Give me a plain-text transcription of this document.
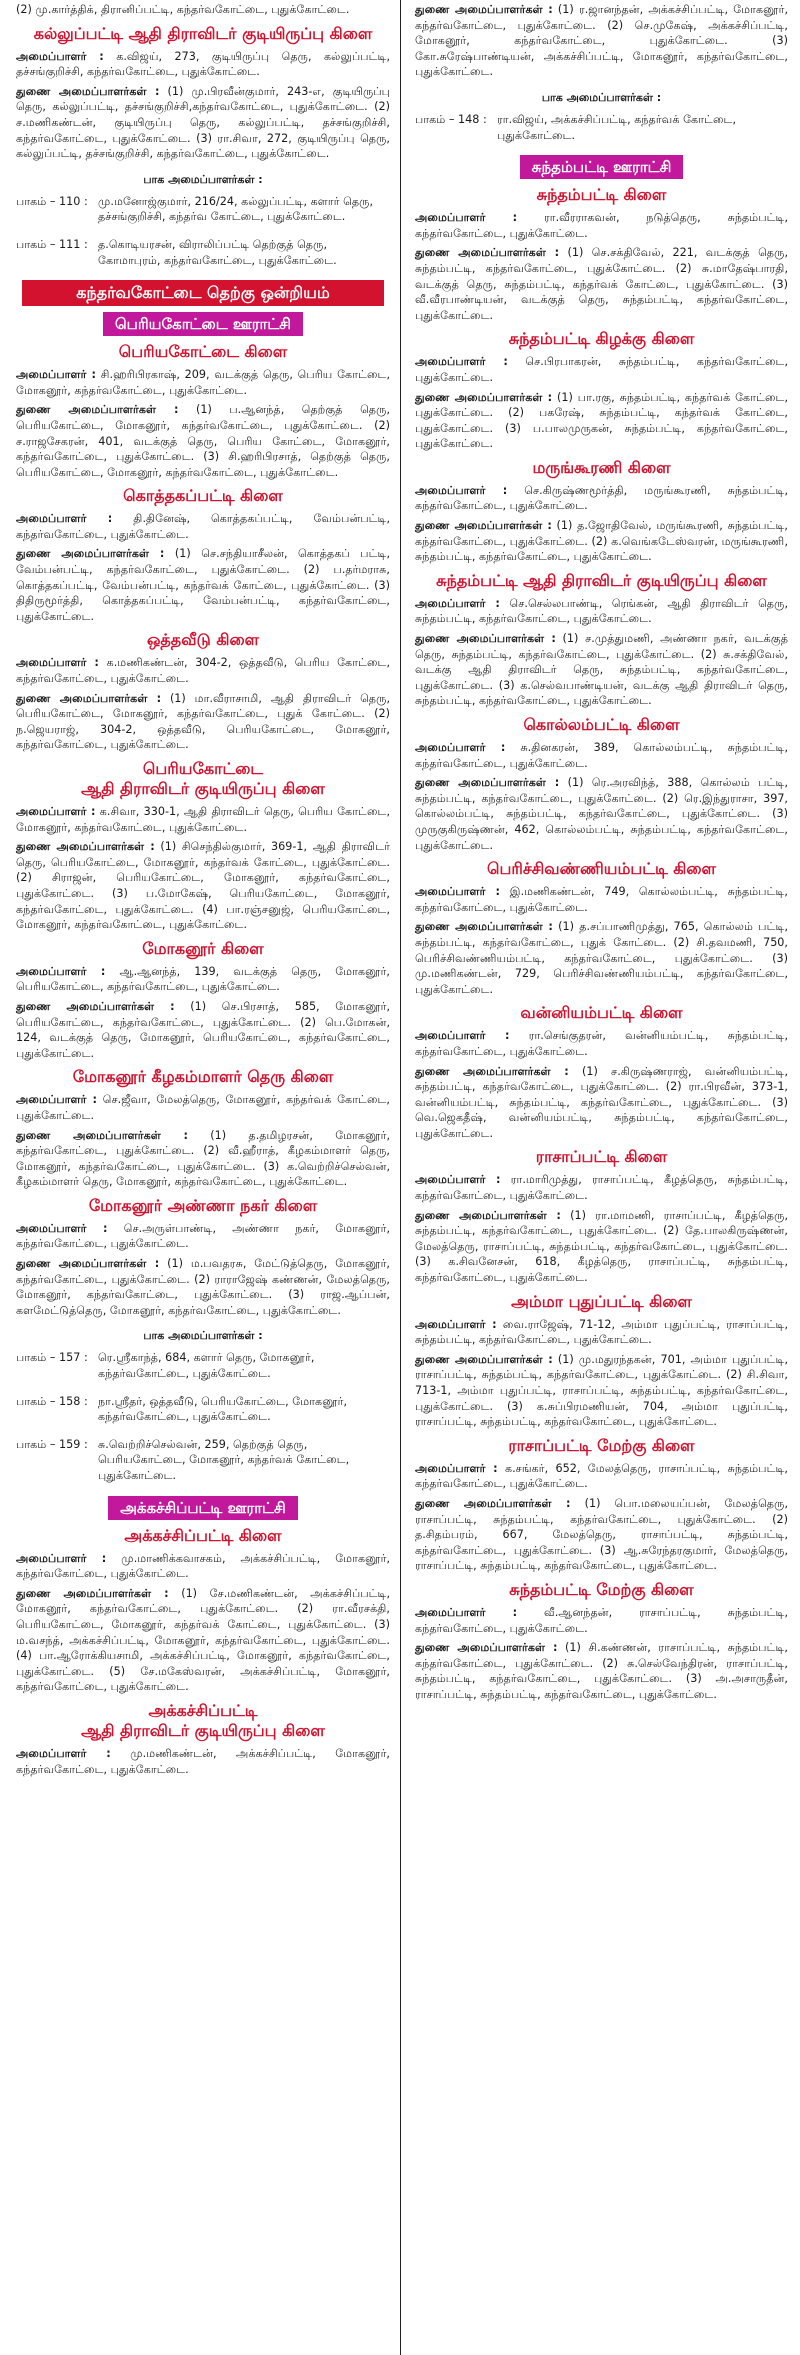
(2) மு.கார்த்திக், திரானிப்பட்டி, கந்தர்வகோட்டை, புதுக்கோட்டை.

கல்லுப்பட்டி ஆதி திராவிடர் குடியிருப்பு கிளை

அமைப்பாளர் : க.விஜய், 273, குடியிருப்பு தெரு, கல்லுப்பட்டி, தச்சங்குறிச்சி, கந்தர்வகோட்டை, புதுக்கோட்டை.

துணை அமைப்பாளர்கள் : (1) மு.பிரவீன்குமார், 243-எ, குடியிருப்பு தெரு, கல்லுப்பட்டி, தச்சங்குறிச்சி,கந்தர்வகோட்டை, புதுக்கோட்டை. (2) ச.மணிகண்டன், குடியிருப்பு தெரு, கல்லுப்பட்டி, தச்சங்குறிச்சி, கந்தர்வகோட்டை, புதுக்கோட்டை. (3) ரா.சிவா, 272, குடியிருப்பு தெரு, கல்லுப்பட்டி, தச்சங்குறிச்சி, கந்தர்வகோட்டை, புதுக்கோட்டை.

பாக அமைப்பாளர்கள் :
பாகம் – 110 : மு.மனோஜ்குமார், 216/24, கல்லுப்பட்டி, களார் தெரு, தச்சங்குறிச்சி, கந்தர்வ கோட்டை, புதுக்கோட்டை.
பாகம் – 111 : த.கொடியரசன், விராலிப்பட்டி தெற்குத் தெரு, கோமாபுரம், கந்தர்வகோட்டை, புதுக்கோட்டை.
கந்தர்வகோட்டை தெற்கு ஒன்றியம்
பெரியகோட்டை ஊராட்சி
பெரியகோட்டை கிளை

அமைப்பாளர் : சி.ஹரிபிரகாஷ், 209, வடக்குத் தெரு, பெரிய கோட்டை, மோகனூர், கந்தர்வகோட்டை, புதுக்கோட்டை.

துணை அமைப்பாளர்கள் : (1) ப.ஆனந்த், தெற்குத் தெரு, பெரியகோட்டை, மோகனூர், கந்தர்வகோட்டை, புதுக்கோட்டை. (2) ச.ராஜசேகரன், 401, வடக்குத் தெரு, பெரிய கோட்டை, மோகனூர், கந்தர்வகோட்டை, புதுக்கோட்டை. (3) சி.ஹரிபிரசாத், தெற்குத் தெரு, பெரியகோட்டை, மோகனூர், கந்தர்வகோட்டை, புதுக்கோட்டை.

கொத்தகப்பட்டி கிளை

அமைப்பாளர் : தி.தினேஷ், கொத்தகப்பட்டி, வேம்பன்பட்டி, கந்தர்வகோட்டை, புதுக்கோட்டை.

துணை அமைப்பாளர்கள் : (1) செ.சந்தியாசீலன், கொத்தகப் பட்டி, வேம்பன்பட்டி, கந்தர்வகோட்டை, புதுக்கோட்டை. (2) ப.தர்மராசு, கொத்தகப்பட்டி, வேம்பன்பட்டி, கந்தர்வக் கோட்டை, புதுக்கோட்டை. (3) திதிருமூர்த்தி, கொத்தகப்பட்டி, வேம்பன்பட்டி, கந்தர்வகோட்டை, புதுக்கோட்டை.

ஒத்தவீடு கிளை

அமைப்பாளர் : க.மணிகண்டன், 304-2, ஒத்தவீடு, பெரிய கோட்டை, கந்தர்வகோட்டை, புதுக்கோட்டை.

துணை அமைப்பாளர்கள் : (1) மா.வீராசாமி, ஆதி திராவிடர் தெரு, பெரியகோட்டை, மோகனூர், கந்தர்வகோட்டை, புதுக் கோட்டை. (2) ந.ஜெயராஜ், 304-2, ஒத்தவீடு, பெரியகோட்டை, மோகனூர், கந்தர்வகோட்டை, புதுக்கோட்டை.

பெரியகோட்டை
ஆதி திராவிடர் குடியிருப்பு கிளை

அமைப்பாளர் : க.சிவா, 330-1, ஆதி திராவிடர் தெரு, பெரிய கோட்டை, மோகனூர், கந்தர்வகோட்டை, புதுக்கோட்டை.

துணை அமைப்பாளர்கள் : (1) சிசெந்தில்குமார், 369-1, ஆதி திராவிடர் தெரு, பெரியகோட்டை, மோகனூர், கந்தர்வக் கோட்டை, புதுக்கோட்டை. (2) சிராஜன், பெரியகோட்டை, மோகனூர், கந்தர்வகோட்டை, புதுக்கோட்டை. (3) ப.மோகேஷ், பெரியகோட்டை, மோகனூர், கந்தர்வகோட்டை, புதுக்கோட்டை. (4) பா.ரஞ்சனுஜ், பெரியகோட்டை, மோகனூர், கந்தர்வகோட்டை, புதுக்கோட்டை.

மோகனூர் கிளை

அமைப்பாளர் : ஆ.ஆனந்த், 139, வடக்குத் தெரு, மோகனூர், பெரியகோட்டை, கந்தர்வகோட்டை, புதுக்கோட்டை.

துணை அமைப்பாளர்கள் : (1) செ.பிரசாத், 585, மோகனூர், பெரியகோட்டை, கந்தர்வகோட்டை, புதுக்கோட்டை. (2) பெ.மோகன், 124, வடக்குத் தெரு, மோகனூர், பெரியகோட்டை, கந்தர்வகோட்டை, புதுக்கோட்டை.

மோகனூர் கீழகம்மாளர் தெரு கிளை

அமைப்பாளர் : செ.ஜீவா, மேலத்தெரு, மோகனூர், கந்தர்வக் கோட்டை, புதுக்கோட்டை.

துணை அமைப்பாளர்கள் : (1) த.தமிழரசன், மோகனூர், கந்தர்வகோட்டை, புதுக்கோட்டை. (2) வீ.ஹீராத், கீழகம்மாளர் தெரு, மோகனூர், கந்தர்வகோட்டை, புதுக்கோட்டை. (3) க.வெற்றிச்செல்வன், கீழகம்மாளர் தெரு, மோகனூர், கந்தர்வகோட்டை, புதுக்கோட்டை.

மோகனூர் அண்ணா நகர் கிளை

அமைப்பாளர் : செ.அருள்பாண்டி, அண்ணா நகர், மோகனூர், கந்தர்வகோட்டை, புதுக்கோட்டை.

துணை அமைப்பாளர்கள் : (1) ம.பவதரசு, மேட்டுத்தெரு, மோகனூர், கந்தர்வகோட்டை, புதுக்கோட்டை. (2) ராராஜேஷ் கண்ணன், மேலத்தெரு, மோகனூர், கந்தர்வகோட்டை, புதுக்கோட்டை. (3) ராஜ.ஆப்பன், களமேட்டுத்தெரு, மோகனூர், கந்தர்வகோட்டை, புதுக்கோட்டை.

பாக அமைப்பாளர்கள் :
பாகம் – 157 : ரெ.ஸ்ரீகாந்த், 684, களார் தெரு, மோகனூர், கந்தர்வகோட்டை, புதுக்கோட்டை.
பாகம் – 158 : நா.ஸ்ரீதர், ஒத்தவீடு, பெரியகோட்டை, மோகனூர், கந்தர்வகோட்டை, புதுக்கோட்டை.
பாகம் – 159 : சு.வெற்றிச்செல்வன், 259, தெற்குத் தெரு, பெரியகோட்டை, மோகனூர், கந்தர்வக் கோட்டை, புதுக்கோட்டை.
அக்கச்சிப்பட்டி ஊராட்சி
அக்கச்சிப்பட்டி கிளை

அமைப்பாளர் : மு.மாணிக்கவாசகம், அக்கச்சிப்பட்டி, மோகனூர், கந்தர்வகோட்டை, புதுக்கோட்டை.

துணை அமைப்பாளர்கள் : (1) சே.மணிகண்டன், அக்கச்சிப்பட்டி, மோகனூர், கந்தர்வகோட்டை, புதுக்கோட்டை. (2) ரா.வீரசக்தி, பெரியகோட்டை, மோகனூர், கந்தர்வக் கோட்டை, புதுக்கோட்டை. (3) ம.வசந்த், அக்கச்சிப்பட்டி, மோகனூர், கந்தர்வகோட்டை, புதுக்கோட்டை. (4) பா.ஆரோக்கியசாமி, அக்கச்சிப்பட்டி, மோகனூர், கந்தர்வகோட்டை, புதுக்கோட்டை. (5) சே.மகேஸ்வரன், அக்கச்சிப்பட்டி, மோகனூர், கந்தர்வகோட்டை, புதுக்கோட்டை.

அக்கச்சிப்பட்டி
ஆதி திராவிடர் குடியிருப்பு கிளை

அமைப்பாளர் : மு.மணிகண்டன், அக்கச்சிப்பட்டி, மோகனூர், கந்தர்வகோட்டை, புதுக்கோட்டை.

துணை அமைப்பாளர்கள் : (1) ர.ஜானந்தன், அக்கச்சிப்பட்டி, மோகனூர், கந்தர்வகோட்டை, புதுக்கோட்டை. (2) செ.முகேஷ், அக்கச்சிப்பட்டி, மோகனூர், கந்தர்வகோட்டை, புதுக்கோட்டை. (3) கோ.சுரேஷ்பாண்டியன், அக்கச்சிப்பட்டி, மோகனூர், கந்தர்வகோட்டை, புதுக்கோட்டை.

பாக அமைப்பாளர்கள் :
பாகம் – 148 : ரா.விஜய், அக்கச்சிப்பட்டி, கந்தர்வக் கோட்டை, புதுக்கோட்டை.
சுந்தம்பட்டி ஊராட்சி
சுந்தம்பட்டி கிளை

அமைப்பாளர் : ரா.வீரராகவன், நடுத்தெரு, சுந்தம்பட்டி, கந்தர்வகோட்டை, புதுக்கோட்டை.

துணை அமைப்பாளர்கள் : (1) செ.சக்திவேல், 221, வடக்குத் தெரு, சுந்தம்பட்டி, கந்தர்வகோட்டை, புதுக்கோட்டை. (2) சு.மாதேஷ்பாரதி, வடக்குத் தெரு, சுந்தம்பட்டி, கந்தர்வக் கோட்டை, புதுக்கோட்டை. (3) வீ.வீரபாண்டியன், வடக்குத் தெரு, சுந்தம்பட்டி, கந்தர்வகோட்டை, புதுக்கோட்டை.

சுந்தம்பட்டி கிழக்கு கிளை

அமைப்பாளர் : செ.பிரபாகரன், சுந்தம்பட்டி, கந்தர்வகோட்டை, புதுக்கோட்டை.

துணை அமைப்பாளர்கள் : (1) பா.ரகு, சுந்தம்பட்டி, கந்தர்வக் கோட்டை, புதுக்கோட்டை. (2) பகரேஷ், சுந்தம்பட்டி, கந்தர்வக் கோட்டை, புதுக்கோட்டை. (3) ப.பாலமுருகன், சுந்தம்பட்டி, கந்தர்வகோட்டை, புதுக்கோட்டை.

மருங்கூரணி கிளை

அமைப்பாளர் : செ.கிருஷ்ணமூர்த்தி, மருங்கூரணி, சுந்தம்பட்டி, கந்தர்வகோட்டை, புதுக்கோட்டை.

துணை அமைப்பாளர்கள் : (1) த.ஜோதிவேல், மருங்கூரணி, சுந்தம்பட்டி, கந்தர்வகோட்டை, புதுக்கோட்டை. (2) க.வெங்கடேஸ்வரன், மருங்கூரணி, சுந்தம்பட்டி, கந்தர்வகோட்டை, புதுக்கோட்டை.

சுந்தம்பட்டி ஆதி திராவிடர் குடியிருப்பு கிளை

அமைப்பாளர் : செ.செல்லபாண்டி, ரெங்கன், ஆதி திராவிடர் தெரு, சுந்தம்பட்டி, கந்தர்வகோட்டை, புதுக்கோட்டை.

துணை அமைப்பாளர்கள் : (1) ச.முத்துமணி, அண்ணா நகர், வடக்குத் தெரு, சுந்தம்பட்டி, கந்தர்வகோட்டை, புதுக்கோட்டை. (2) சு.சக்திவேல், வடக்கு ஆதி திராவிடர் தெரு, சுந்தம்பட்டி, கந்தர்வகோட்டை, புதுக்கோட்டை. (3) க.செல்வபாண்டியன், வடக்கு ஆதி திராவிடர் தெரு, சுந்தம்பட்டி, கந்தர்வகோட்டை, புதுக்கோட்டை.

கொல்லம்பட்டி கிளை

அமைப்பாளர் : சு.தினகரன், 389, கொல்லம்பட்டி, சுந்தம்பட்டி, கந்தர்வகோட்டை, புதுக்கோட்டை.

துணை அமைப்பாளர்கள் : (1) ரெ.அரவிந்த், 388, கொல்லம் பட்டி, சுந்தம்பட்டி, கந்தர்வகோட்டை, புதுக்கோட்டை. (2) ரெ.இந்துராசா, 397, கொல்லம்பட்டி, சுந்தம்பட்டி, கந்தர்வகோட்டை, புதுக்கோட்டை. (3) முருகுகிருஷ்ணன், 462, கொல்லம்பட்டி, சுந்தம்பட்டி, கந்தர்வகோட்டை, புதுக்கோட்டை.

பெரிச்சிவண்ணியம்பட்டி கிளை

அமைப்பாளர் : இ.மணிகண்டன், 749, கொல்லம்பட்டி, சுந்தம்பட்டி, கந்தர்வகோட்டை, புதுக்கோட்டை.

துணை அமைப்பாளர்கள் : (1) த.சப்பாணிமுத்து, 765, கொல்லம் பட்டி, சுந்தம்பட்டி, கந்தர்வகோட்டை, புதுக் கோட்டை. (2) சி.தவமணி, 750, பெரிச்சிவண்ணியம்பட்டி, கந்தர்வகோட்டை, புதுக்கோட்டை. (3) மு.மணிகண்டன், 729, பெரிச்சிவண்ணியம்பட்டி, கந்தர்வகோட்டை, புதுக்கோட்டை.

வன்னியம்பட்டி கிளை

அமைப்பாளர் : ரா.செங்குதரன், வன்னியம்பட்டி, சுந்தம்பட்டி, கந்தர்வகோட்டை, புதுக்கோட்டை.

துணை அமைப்பாளர்கள் : (1) ச.கிருஷ்ணராஜ், வன்னியம்பட்டி, சுந்தம்பட்டி, கந்தர்வகோட்டை, புதுக்கோட்டை. (2) ரா.பிரவீன், 373-1, வன்னியம்பட்டி, சுந்தம்பட்டி, கந்தர்வகோட்டை, புதுக்கோட்டை. (3) வெ.ஜெகதீஷ், வன்னியம்பட்டி, சுந்தம்பட்டி, கந்தர்வகோட்டை, புதுக்கோட்டை.

ராசாப்பட்டி கிளை

அமைப்பாளர் : ரா.மாரிமுத்து, ராசாப்பட்டி, கீழத்தெரு, சுந்தம்பட்டி, கந்தர்வகோட்டை, புதுக்கோட்டை.

துணை அமைப்பாளர்கள் : (1) ரா.மாமணி, ராசாப்பட்டி, கீழத்தெரு, சுந்தம்பட்டி, கந்தர்வகோட்டை, புதுக்கோட்டை. (2) தே.பாலகிருஷ்ணன், மேலத்தெரு, ராசாப்பட்டி, சுந்தம்பட்டி, கந்தர்வகோட்டை, புதுக்கோட்டை. (3) க.சிவனேசன், 618, கீழத்தெரு, ராசாப்பட்டி, சுந்தம்பட்டி, கந்தர்வகோட்டை, புதுக்கோட்டை.

அம்மா புதுப்பட்டி கிளை

அமைப்பாளர் : வை.ராஜேஷ், 71-12, அம்மா புதுப்பட்டி, ராசாப்பட்டி, சுந்தம்பட்டி, கந்தர்வகோட்டை, புதுக்கோட்டை.

துணை அமைப்பாளர்கள் : (1) மு.மதுரந்தகன், 701, அம்மா புதுப்பட்டி, ராசாப்பட்டி, சுந்தம்பட்டி, கந்தர்வகோட்டை, புதுக்கோட்டை. (2) சி.சிவா, 713-1, அம்மா புதுப்பட்டி, ராசாப்பட்டி, சுந்தம்பட்டி, கந்தர்வகோட்டை, புதுக்கோட்டை. (3) க.சுப்பிரமணியன், 704, அம்மா புதுப்பட்டி, ராசாப்பட்டி, சுந்தம்பட்டி, கந்தர்வகோட்டை, புதுக்கோட்டை.

ராசாப்பட்டி மேற்கு கிளை

அமைப்பாளர் : க.சங்கர், 652, மேலத்தெரு, ராசாப்பட்டி, சுந்தம்பட்டி, கந்தர்வகோட்டை, புதுக்கோட்டை.

துணை அமைப்பாளர்கள் : (1) பொ.மலையப்பன், மேலத்தெரு, ராசாப்பட்டி, சுந்தம்பட்டி, கந்தர்வகோட்டை, புதுக்கோட்டை. (2) த.சிதம்பரம், 667, மேலத்தெரு, ராசாப்பட்டி, சுந்தம்பட்டி, கந்தர்வகோட்டை, புதுக்கோட்டை. (3) ஆ.சுரேந்தரகுமார், மேலத்தெரு, ராசாப்பட்டி, சுந்தம்பட்டி, கந்தர்வகோட்டை, புதுக்கோட்டை.

சுந்தம்பட்டி மேற்கு கிளை

அமைப்பாளர் : வீ.ஆனந்தன், ராசாப்பட்டி, சுந்தம்பட்டி, கந்தர்வகோட்டை, புதுக்கோட்டை.

துணை அமைப்பாளர்கள் : (1) சி.கண்ணன், ராசாப்பட்டி, சுந்தம்பட்டி, கந்தர்வகோட்டை, புதுக்கோட்டை. (2) சு.செல்வேந்திரன், ராசாப்பட்டி, சுந்தம்பட்டி, கந்தர்வகோட்டை, புதுக்கோட்டை. (3) அ.அசாருதீன், ராசாப்பட்டி, சுந்தம்பட்டி, கந்தர்வகோட்டை, புதுக்கோட்டை.
